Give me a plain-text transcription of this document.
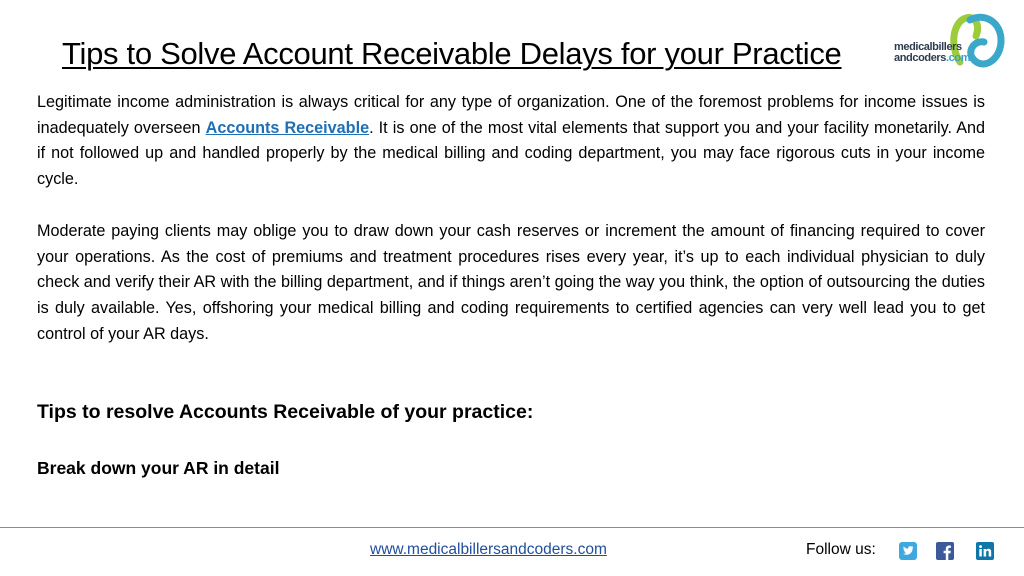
Tips to Solve Account Receivable Delays for your Practice	medicalbillers
andcoders.com

Legitimate income administration is always critical for any type of organization. One of the foremost problems for income issues is inadequately overseen Accounts Receivable. It is one of the most vital elements that support you and your facility monetarily. And if not followed up and handled properly by the medical billing and coding department, you may face rigorous cuts in your income cycle.

Moderate paying clients may oblige you to draw down your cash reserves or increment the amount of financing required to cover your operations. As the cost of premiums and treatment procedures rises every year, it’s up to each individual physician to duly check and verify their AR with the billing department, and if things aren’t going the way you think, the option of outsourcing the duties is duly available. Yes, offshoring your medical billing and coding requirements to certified agencies can very well lead you to get control of your AR days.

Tips to resolve Accounts Receivable of your practice:
Break down your AR in detail
www.medicalbillersandcoders.com	Follow us:
